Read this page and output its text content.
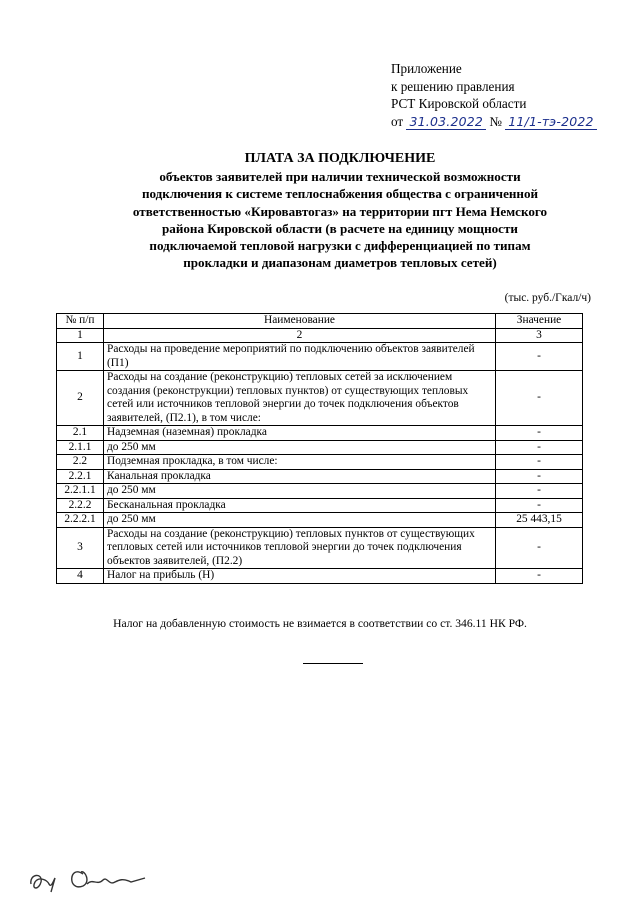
Приложение
к решению правления
РСТ Кировской области
от 31.03.2022 № 11/1-тэ-2022
ПЛАТА ЗА ПОДКЛЮЧЕНИЕ
объектов заявителей при наличии технической возможности
подключения к системе теплоснабжения общества с ограниченной
ответственностью «Кировавтогаз» на территории пгт Нема Немского
района Кировской области (в расчете на единицу мощности
подключаемой тепловой нагрузки с дифференциацией по типам
прокладки и диапазонам диаметров тепловых сетей)
(тыс. руб./Гкал/ч)
№ п/п	Наименование	Значение
1	2	3
1	Расходы на проведение мероприятий по подключению объектов заявителей (П1)	-
2	Расходы на создание (реконструкцию) тепловых сетей за исключением создания (реконструкции) тепловых пунктов) от существующих тепловых сетей или источников тепловой энергии до точек подключения объектов заявителей, (П2.1), в том числе:	-
2.1	Надземная (наземная) прокладка	-
2.1.1	до 250 мм	-
2.2	Подземная прокладка, в том числе:	-
2.2.1	Канальная прокладка	-
2.2.1.1	до 250 мм	-
2.2.2	Бесканальная прокладка	-
2.2.2.1	до 250 мм	25 443,15
3	Расходы на создание (реконструкцию) тепловых пунктов от существующих тепловых сетей или источников тепловой энергии до точек подключения объектов заявителей, (П2.2)	-
4	Налог на прибыль (Н)	-
Налог на добавленную стоимость не взимается в соответствии со ст. 346.11 НК РФ.
